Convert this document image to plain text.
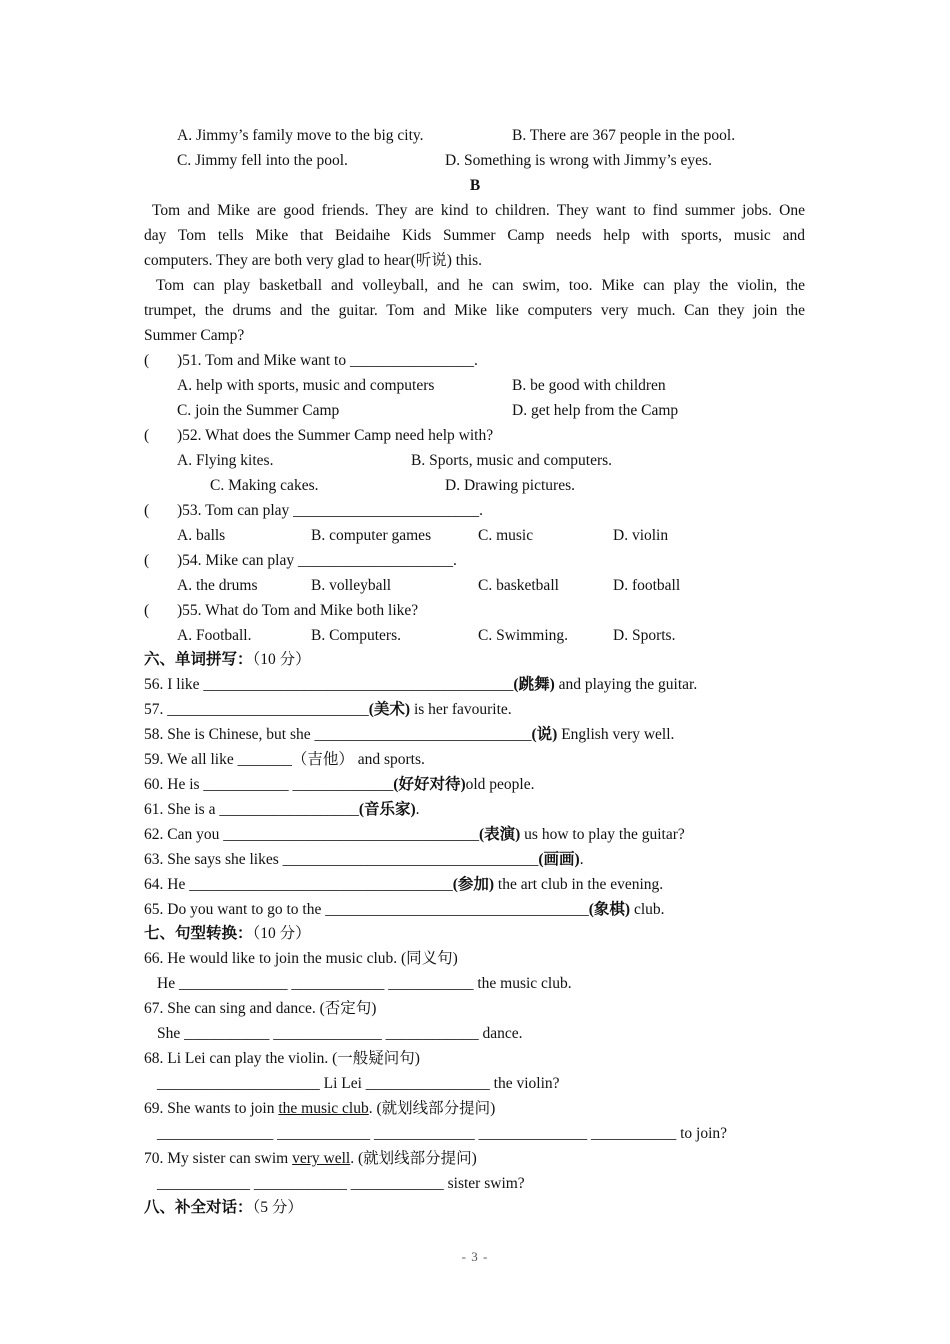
A. Jimmy’s family move to the big city.	B. There are 367 people in the pool.
C. Jimmy fell into the pool.	D. Something is wrong with Jimmy’s eyes.
B
Tom and Mike are good friends. They are kind to children. They want to find summer jobs. One
day Tom tells Mike that Beidaihe Kids Summer Camp needs help with sports, music and
computers. They are both very glad to hear(听说) this.
Tom can play basketball and volleyball, and he can swim, too. Mike can play the violin, the
trumpet, the drums and the guitar. Tom and Mike like computers very much. Can they join the
Summer Camp?
( )51. Tom and Mike want to ________________.
A. help with sports, music and computers	B. be good with children
C. join the Summer Camp	D. get help from the Camp
( )52. What does the Summer Camp need help with?
A. Flying kites.	B. Sports, music and computers.
C. Making cakes.	D. Drawing pictures.
( )53. Tom can play ________________________.
A. balls	B. computer games	C. music	D. violin
( )54. Mike can play ____________________.
A. the drums	B. volleyball	C. basketball	D. football
( )55. What do Tom and Mike both like?
A. Football.	B. Computers.	C. Swimming.	D. Sports.
六、单词拼写：（10 分）
56. I like ________________________________________(跳舞) and playing the guitar.
57. __________________________(美术) is her favourite.
58. She is Chinese, but she ____________________________(说) English very well.
59. We all like _______（吉他） and sports.
60. He is ___________ _____________(好好对待)old people.
61. She is a __________________(音乐家).
62. Can you _________________________________(表演) us how to play the guitar?
63. She says she likes _________________________________(画画).
64. He __________________________________(参加) the art club in the evening.
65. Do you want to go to the __________________________________(象棋) club.
七、句型转换：（10 分）
66. He would like to join the music club. (同义句)
He ______________ ____________ ___________ the music club.
67. She can sing and dance. (否定句)
She ___________ ______________ ____________ dance.
68. Li Lei can play the violin. (一般疑问句)
_____________________ Li Lei ________________ the violin?
69. She wants to join the music club. (就划线部分提问)
_______________ ____________ _____________ ______________ ___________ to join?
70. My sister can swim very well. (就划线部分提问)
____________ ____________ ____________ sister swim?
八、补全对话：（5 分）
- 3 -
